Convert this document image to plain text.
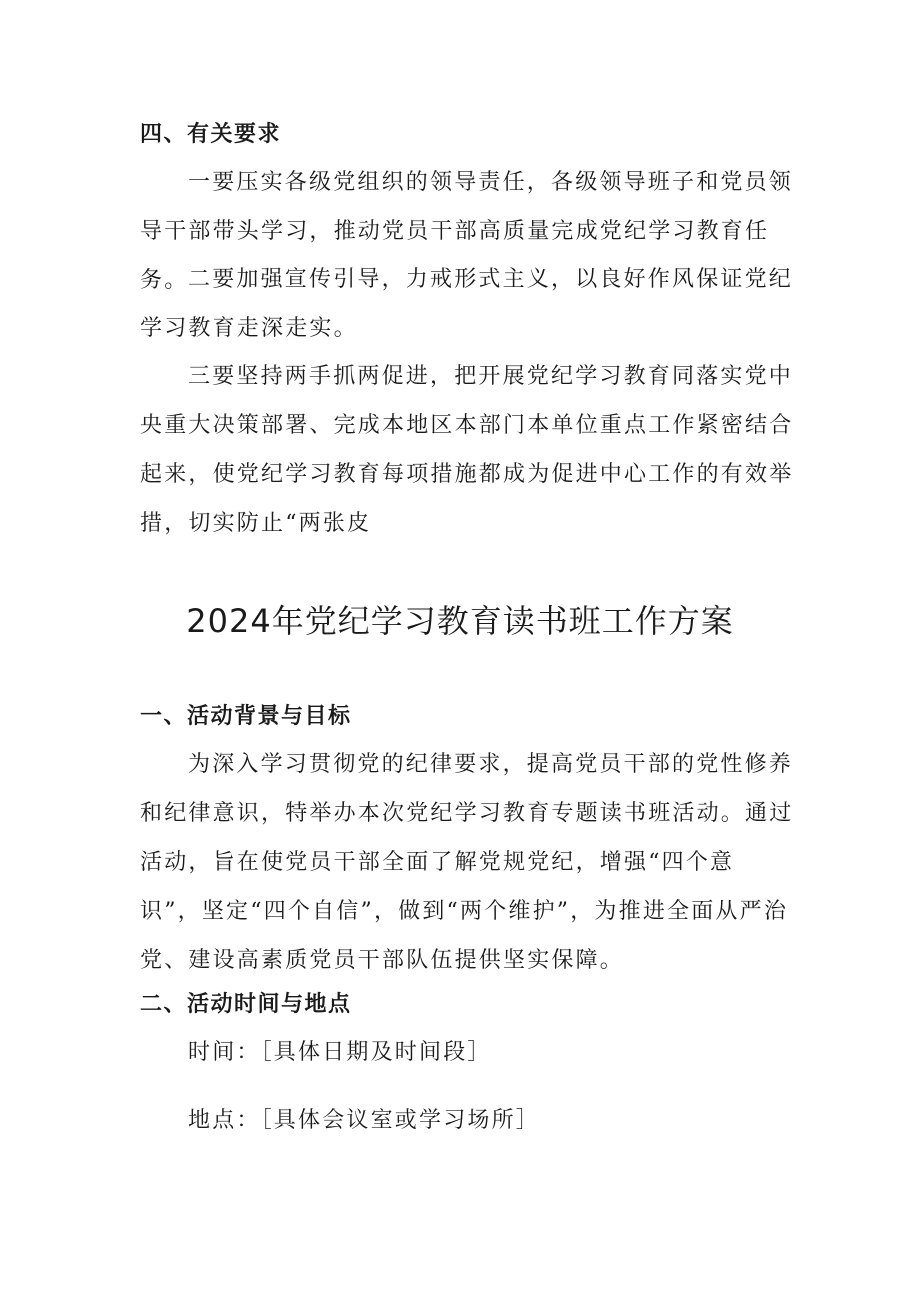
四、有关要求

一要压实各级党组织的领导责任，各级领导班子和党员领导干部带头学习，推动党员干部高质量完成党纪学习教育任务。 二要加强宣传引导，力戒形式主义，以良好作风保证党纪学习教育走深走实。

三要坚持两手抓两促进，把开展党纪学习教育同落实党中央重大决策部署、完成本地区本部门本单位重点工作紧密结合起来，使党纪学习教育每项措施都成为促进中心工作的有效举措，切实防止“两张皮

2024年党纪学习教育读书班工作方案

一、活动背景与目标

为深入学习贯彻党的纪律要求，提高党员干部的党性修养和纪律意识，特举办本次党纪学习教育专题读书班活动。通过活动，旨在使党员干部全面了解党规党纪，增强“四个意识”，坚定“四个自信”，做到“两个维护”，为推进全面从严治党、建设高素质党员干部队伍提供坚实保障。

二、活动时间与地点

时间：［具体日期及时间段］

地点：［具体会议室或学习场所］
